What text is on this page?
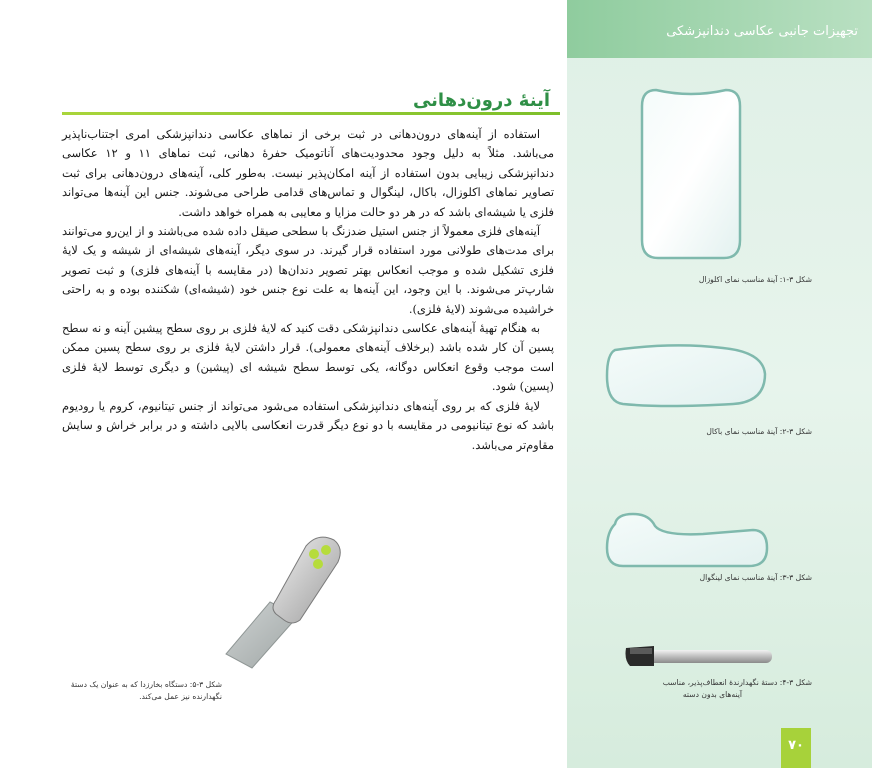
تجهیزات جانبی عکاسی دندانپزشکی
آینهٔ درون‌دهانی

استفاده از آینه‌های درون‌دهانی در ثبت برخی از نماهای عکاسی دندانپزشکی امری اجتناب‌ناپذیر می‌باشد. مثلاً به دلیل وجود محدودیت‌های آناتومیک حفرهٔ دهانی، ثبت نماهای ۱۱ و ۱۲ عکاسی دندانپزشکی زیبایی بدون استفاده از آینه امکان‌پذیر نیست. به‌طور کلی، آینه‌های درون‌دهانی برای ثبت تصاویر نماهای اکلوزال، باکال، لینگوال و تماس‌های قدامی طراحی می‌شوند. جنس این آینه‌ها می‌تواند فلزی یا شیشه‌ای باشد که در هر دو حالت مزایا و معایبی به همراه خواهد داشت.

آینه‌های فلزی معمولاً از جنس استیل ضدزنگ با سطحی صیقل داده شده می‌باشند و از این‌رو می‌توانند برای مدت‌های طولانی مورد استفاده قرار گیرند. در سوی دیگر، آینه‌های شیشه‌ای از شیشه و یک لایهٔ فلزی تشکیل شده و موجب انعکاس بهتر تصویر دندان‌ها (در مقایسه با آینه‌های فلزی) و ثبت تصویر شارپ‌تر می‌شوند. با این وجود، این آینه‌ها به علت نوع جنس خود (شیشه‌ای) شکننده بوده و به راحتی خراشیده می‌شوند (لایهٔ فلزی).

به هنگام تهیهٔ آینه‌های عکاسی دندانپزشکی دقت کنید که لایهٔ فلزی بر روی سطح پیشین آینه و نه سطح پسین آن کار شده باشد (برخلاف آینه‌های معمولی). قرار داشتن لایهٔ فلزی بر روی سطح پسین ممکن است موجب وقوع انعکاس دوگانه، یکی توسط سطح شیشه ای (پیشین) و دیگری توسط لایهٔ فلزی (پسین) شود.

لایهٔ فلزی که بر روی آینه‌های دندانپزشکی استفاده می‌شود می‌تواند از جنس تیتانیوم، کروم یا رودیوم باشد که نوع تیتانیومی در مقایسه با دو نوع دیگر قدرت انعکاسی بالایی داشته و در برابر خراش و سایش مقاوم‌تر می‌باشد.

شکل ۳-۱: آینهٔ مناسب نمای اکلوزال
شکل ۳-۲: آینهٔ مناسب نمای باکال
شکل ۳-۳: آینهٔ مناسب نمای لینگوال
شکل ۳-۴: دستهٔ نگهدارندهٔ انعطاف‌پذیر، مناسب
آینه‌های بدون دسته
شکل ۳-۵: دستگاه بخارزدا که به عنوان یک دستهٔ
نگهدارنده نیز عمل می‌کند.
۷۰
